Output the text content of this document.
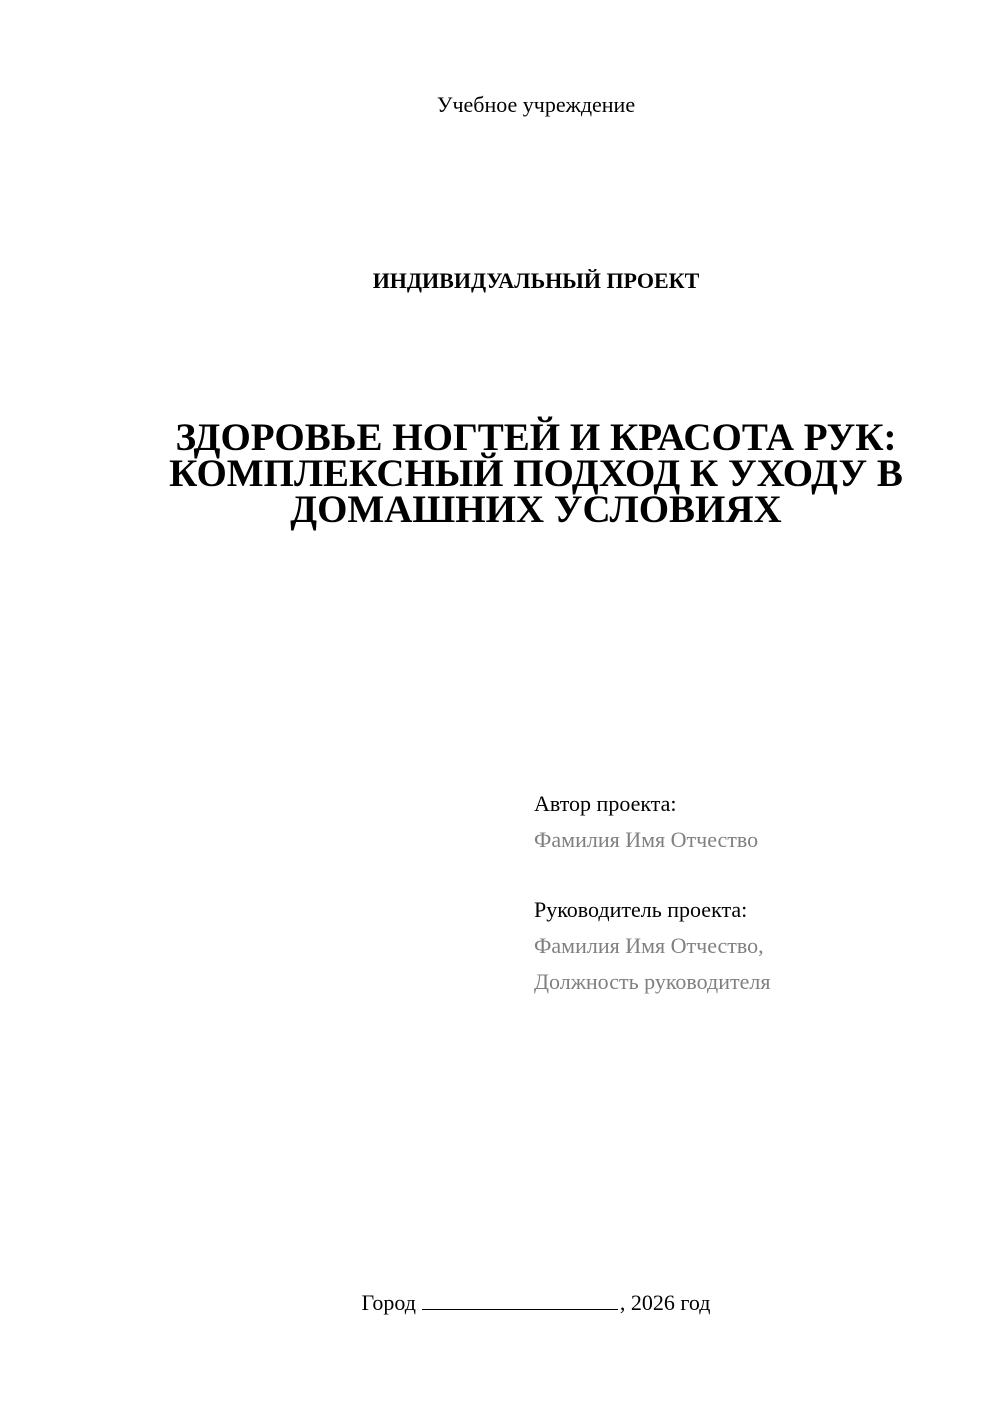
Учебное учреждение
ИНДИВИДУАЛЬНЫЙ ПРОЕКТ
ЗДОРОВЬЕ НОГТЕЙ И КРАСОТА РУК:
КОМПЛЕКСНЫЙ ПОДХОД К УХОДУ В
ДОМАШНИХ УСЛОВИЯХ
Автор проекта:
Фамилия Имя Отчество
Руководитель проекта:
Фамилия Имя Отчество,
Должность руководителя
Город	, 2026 год
